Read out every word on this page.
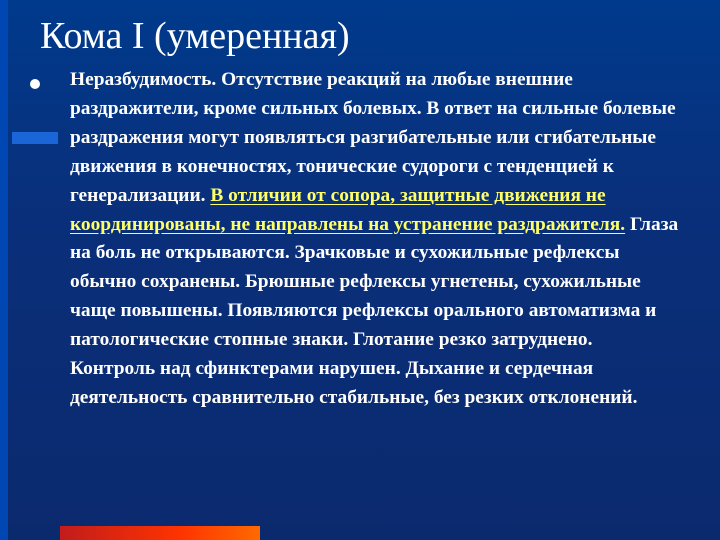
Кома I (умеренная)

Неразбудимость. Отсутствие реакций на любые внешние раздражители, кроме сильных болевых. В ответ на сильные болевые раздражения могут появляться разгибательные или сгибательные движения в конечностях, тонические судороги с тенденцией к генерализации. В отличии от сопора, защитные движения не координированы, не направлены на устранение раздражителя. Глаза на боль не открываются. Зрачковые и сухожильные рефлексы обычно сохранены. Брюшные рефлексы угнетены, сухожильные чаще повышены. Появляются рефлексы орального автоматизма и патологические стопные знаки. Глотание резко затруднено. Контроль над сфинктерами нарушен. Дыхание и сердечная деятельность сравнительно стабильные, без резких отклонений.
